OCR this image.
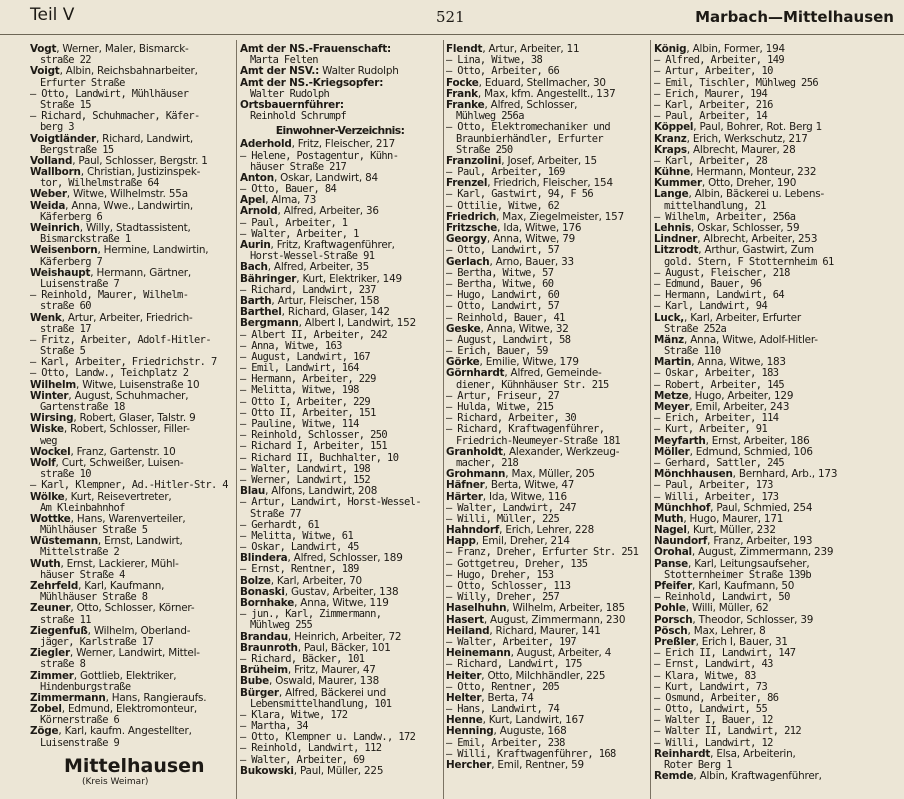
Teil V	521	Marbach—Mittelhausen
Vogt, Werner, Maler, Bismarck-
straße 22
Voigt, Albin, Reichsbahnarbeiter,
Erfurter Straße
— Otto, Landwirt, Mühlhäuser
Straße 15
— Richard, Schuhmacher, Käfer-
berg 3
Voigtländer, Richard, Landwirt,
Bergstraße 15
Volland, Paul, Schlosser, Bergstr. 1
Wallborn, Christian, Justizinspek-
tor, Wilhelmstraße 64
Weber, Witwe, Wilhelmstr. 55a
Weida, Anna, Wwe., Landwirtin,
Käferberg 6
Weinrich, Willy, Stadtassistent,
Bismarckstraße 1
Weisenborn, Hermine, Landwirtin,
Käferberg 7
Weishaupt, Hermann, Gärtner,
Luisenstraße 7
— Reinhold, Maurer, Wilhelm-
straße 60
Wenk, Artur, Arbeiter, Friedrich-
straße 17
— Fritz, Arbeiter, Adolf-Hitler-
Straße 5
— Karl, Arbeiter, Friedrichstr. 7
— Otto, Landw., Teichplatz 2
Wilhelm, Witwe, Luisenstraße 10
Winter, August, Schuhmacher,
Gartenstraße 18
Wirsing, Robert, Glaser, Talstr. 9
Wiske, Robert, Schlosser, Filler-
weg
Wockel, Franz, Gartenstr. 10
Wolf, Curt, Schweißer, Luisen-
straße 10
— Karl, Klempner, Ad.-Hitler-Str. 4
Wölke, Kurt, Reisevertreter,
Am Kleinbahnhof
Wottke, Hans, Warenverteiler,
Mühlhäuser Straße 5
Wüstemann, Ernst, Landwirt,
Mittelstraße 2
Wuth, Ernst, Lackierer, Mühl-
häuser Straße 4
Zehrfeld, Karl, Kaufmann,
Mühlhäuser Straße 8
Zeuner, Otto, Schlosser, Körner-
straße 11
Ziegenfuß, Wilhelm, Oberland-
jäger, Karlstraße 17
Ziegler, Werner, Landwirt, Mittel-
straße 8
Zimmer, Gottlieb, Elektriker,
Hindenburgstraße
Zimmermann, Hans, Rangieraufs.
Zobel, Edmund, Elektromonteur,
Körnerstraße 6
Zöge, Karl, kaufm. Angestellter,
Luisenstraße 9
Mittelhausen
(Kreis Weimar)
Amt der NS.-Frauenschaft:
Marta Felten
Amt der NSV.: Walter Rudolph
Amt der NS.-Kriegsopfer:
Walter Rudolph
Ortsbauernführer:
Reinhold Schrumpf
Einwohner-Verzeichnis:
Aderhold, Fritz, Fleischer, 217
— Helene, Postagentur, Kühn-
häuser Straße 217
Anton, Oskar, Landwirt, 84
— Otto, Bauer, 84
Apel, Alma, 73
Arnold, Alfred, Arbeiter, 36
— Paul, Arbeiter, 1
— Walter, Arbeiter, 1
Aurin, Fritz, Kraftwagenführer,
Horst-Wessel-Straße 91
Bach, Alfred, Arbeiter, 35
Bähringer, Kurt, Elektriker, 149
— Richard, Landwirt, 237
Barth, Artur, Fleischer, 158
Barthel, Richard, Glaser, 142
Bergmann, Albert I, Landwirt, 152
— Albert II, Arbeiter, 242
— Anna, Witwe, 163
— August, Landwirt, 167
— Emil, Landwirt, 164
— Hermann, Arbeiter, 229
— Melitta, Witwe, 198
— Otto I, Arbeiter, 229
— Otto II, Arbeiter, 151
— Pauline, Witwe, 114
— Reinhold, Schlosser, 250
— Richard I, Arbeiter, 151
— Richard II, Buchhalter, 10
— Walter, Landwirt, 198
— Werner, Landwirt, 152
Blau, Alfons, Landwirt, 208
— Artur, Landwirt, Horst-Wessel-
Straße 77
— Gerhardt, 61
— Melitta, Witwe, 61
— Oskar, Landwirt, 45
Blindera, Alfred, Schlosser, 189
— Ernst, Rentner, 189
Bolze, Karl, Arbeiter, 70
Bonaski, Gustav, Arbeiter, 138
Bornhake, Anna, Witwe, 119
— jun., Karl, Zimmermann,
Mühlweg 255
Brandau, Heinrich, Arbeiter, 72
Braunroth, Paul, Bäcker, 101
— Richard, Bäcker, 101
Brüheim, Fritz, Maurer, 47
Bube, Oswald, Maurer, 138
Bürger, Alfred, Bäckerei und
Lebensmittelhandlung, 101
— Klara, Witwe, 172
— Martha, 34
— Otto, Klempner u. Landw., 172
— Reinhold, Landwirt, 112
— Walter, Arbeiter, 69
Bukowski, Paul, Müller, 225
Flendt, Artur, Arbeiter, 11
— Lina, Witwe, 38
— Otto, Arbeiter, 66
Focke, Eduard, Stellmacher, 30
Frank, Max, kfm. Angestellt., 137
Franke, Alfred, Schlosser,
Mühlweg 256a
— Otto, Elektromechaniker und
Braunbierhändler, Erfurter
Straße 250
Franzolini, Josef, Arbeiter, 15
— Paul, Arbeiter, 169
Frenzel, Friedrich, Fleischer, 154
— Karl, Gastwirt, 94, F 56
— Ottilie, Witwe, 62
Friedrich, Max, Ziegelmeister, 157
Fritzsche, Ida, Witwe, 176
Georgy, Anna, Witwe, 79
— Otto, Landwirt, 57
Gerlach, Arno, Bauer, 33
— Bertha, Witwe, 57
— Bertha, Witwe, 60
— Hugo, Landwirt, 60
— Otto, Landwirt, 57
— Reinhold, Bauer, 41
Geske, Anna, Witwe, 32
— August, Landwirt, 58
— Erich, Bauer, 59
Görke, Emilie, Witwe, 179
Görnhardt, Alfred, Gemeinde-
diener, Kühnhäuser Str. 215
— Artur, Friseur, 27
— Hulda, Witwe, 215
— Richard, Arbeiter, 30
— Richard, Kraftwagenführer,
Friedrich-Neumeyer-Straße 181
Granholdt, Alexander, Werkzeug-
macher, 218
Grohmann, Max, Müller, 205
Häfner, Berta, Witwe, 47
Härter, Ida, Witwe, 116
— Walter, Landwirt, 247
— Willi, Müller, 225
Hahndorf, Erich, Lehrer, 228
Happ, Emil, Dreher, 214
— Franz, Dreher, Erfurter Str. 251
— Gottgetreu, Dreher, 135
— Hugo, Dreher, 153
— Otto, Schlosser, 113
— Willy, Dreher, 257
Haselhuhn, Wilhelm, Arbeiter, 185
Hasert, August, Zimmermann, 230
Heiland, Richard, Maurer, 141
— Walter, Arbeiter, 197
Heinemann, August, Arbeiter, 4
— Richard, Landwirt, 175
Heiter, Otto, Milchhändler, 225
— Otto, Rentner, 205
Helter, Berta, 74
— Hans, Landwirt, 74
Henne, Kurt, Landwirt, 167
Henning, Auguste, 168
— Emil, Arbeiter, 238
— Willi, Kraftwagenführer, 168
Hercher, Emil, Rentner, 59
König, Albin, Former, 194
— Alfred, Arbeiter, 149
— Artur, Arbeiter, 10
— Emil, Tischler, Mühlweg 256
— Erich, Maurer, 194
— Karl, Arbeiter, 216
— Paul, Arbeiter, 14
Köppel, Paul, Bohrer, Rot. Berg 1
Kranz, Erich, Werkschutz, 217
Kraps, Albrecht, Maurer, 28
— Karl, Arbeiter, 28
Kühne, Hermann, Monteur, 232
Kummer, Otto, Dreher, 190
Lange, Albin, Bäckerei u. Lebens-
mittelhandlung, 21
— Wilhelm, Arbeiter, 256a
Lehnis, Oskar, Schlosser, 59
Lindner, Albrecht, Arbeiter, 253
Litzrodt, Arthur, Gastwirt, Zum
gold. Stern, F Stotternheim 61
— August, Fleischer, 218
— Edmund, Bauer, 96
— Hermann, Landwirt, 64
— Karl, Landwirt, 94
Luck,, Karl, Arbeiter, Erfurter
Straße 252a
Mänz, Anna, Witwe, Adolf-Hitler-
Straße 110
Martin, Anna, Witwe, 183
— Oskar, Arbeiter, 183
— Robert, Arbeiter, 145
Metze, Hugo, Arbeiter, 129
Meyer, Emil, Arbeiter, 243
— Erich, Arbeiter, 114
— Kurt, Arbeiter, 91
Meyfarth, Ernst, Arbeiter, 186
Möller, Edmund, Schmied, 106
— Gerhard, Sattler, 245
Mönchhausen, Bernhard, Arb., 173
— Paul, Arbeiter, 173
— Willi, Arbeiter, 173
Münchhof, Paul, Schmied, 254
Muth, Hugo, Maurer, 171
Nagel, Kurt, Müller, 232
Naundorf, Franz, Arbeiter, 193
Orohal, August, Zimmermann, 239
Panse, Karl, Leitungsaufseher,
Stotternheimer Straße 139b
Pfeifer, Karl, Kaufmann, 50
— Reinhold, Landwirt, 50
Pohle, Willi, Müller, 62
Porsch, Theodor, Schlosser, 39
Pösch, Max, Lehrer, 8
Preßler, Erich I, Bauer, 31
— Erich II, Landwirt, 147
— Ernst, Landwirt, 43
— Klara, Witwe, 83
— Kurt, Landwirt, 73
— Osmund, Arbeiter, 86
— Otto, Landwirt, 55
— Walter I, Bauer, 12
— Walter II, Landwirt, 212
— Willi, Landwirt, 12
Reinhardt, Elsa, Arbeiterin,
Roter Berg 1
Remde, Albin, Kraftwagenführer,
